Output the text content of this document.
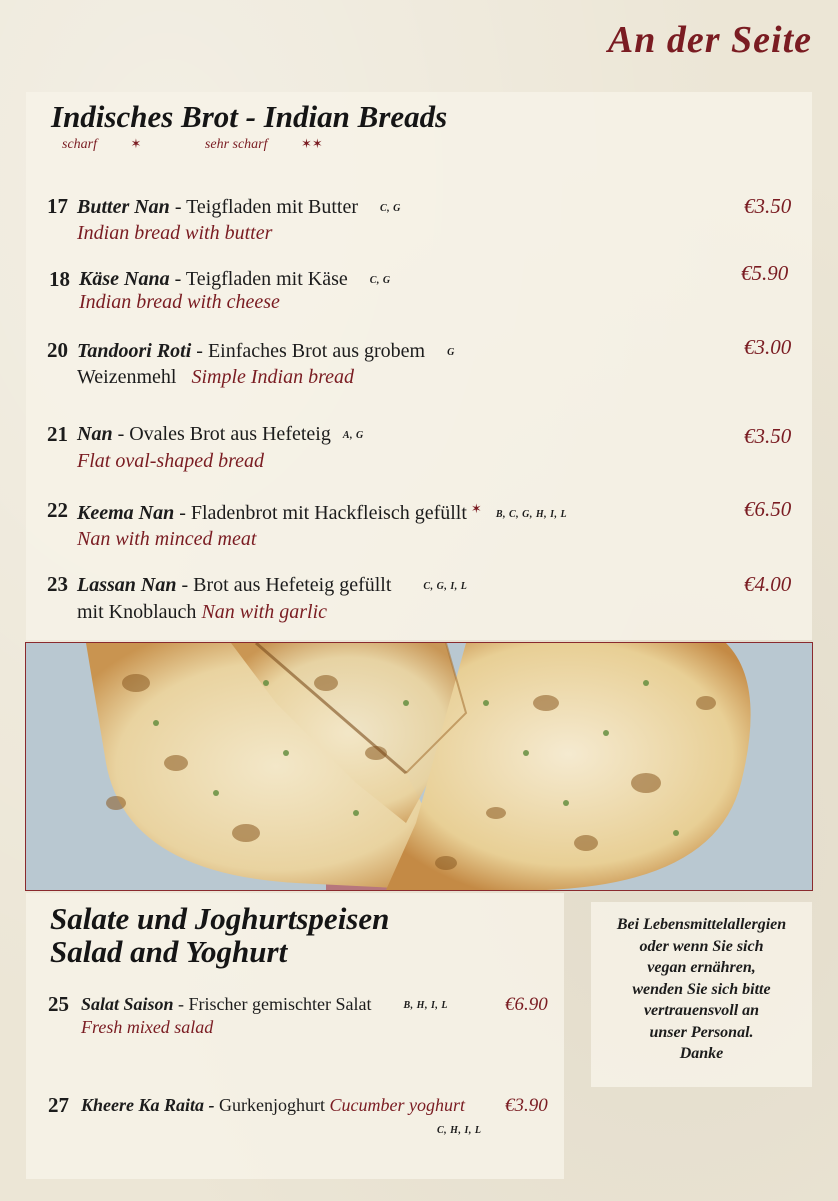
An der Seite
Indisches Brot - Indian Breads
scharf	✶	sehr scharf	✶✶
17 Butter Nan - Teigfladen mit Butter C, G
Indian bread with butter
€3.50
18 Käse Nana - Teigfladen mit Käse C, G
Indian bread with cheese
€5.90
20 Tandoori Roti - Einfaches Brot aus grobem G
Weizenmehl Simple Indian bread
€3.00
21 Nan - Ovales Brot aus Hefeteig A, G
Flat oval-shaped bread
€3.50
22 Keema Nan - Fladenbrot mit Hackfleisch gefüllt ✶ B, C, G, H, I, L
Nan with minced meat
€6.50
23 Lassan Nan - Brot aus Hefeteig gefüllt	C, G, I, L
mit Knoblauch Nan with garlic
€4.00
Salate und Joghurtspeisen
Salad and Yoghurt
25 Salat Saison - Frischer gemischter Salat	B, H, I, L
Fresh mixed salad
€6.90
27 Kheere Ka Raita - Gurkenjoghurt Cucumber yoghurt
C, H, I, L
€3.90
Bei Lebensmittelallergien
oder wenn Sie sich
vegan ernähren,
wenden Sie sich bitte
vertrauensvoll an
unser Personal.
Danke
